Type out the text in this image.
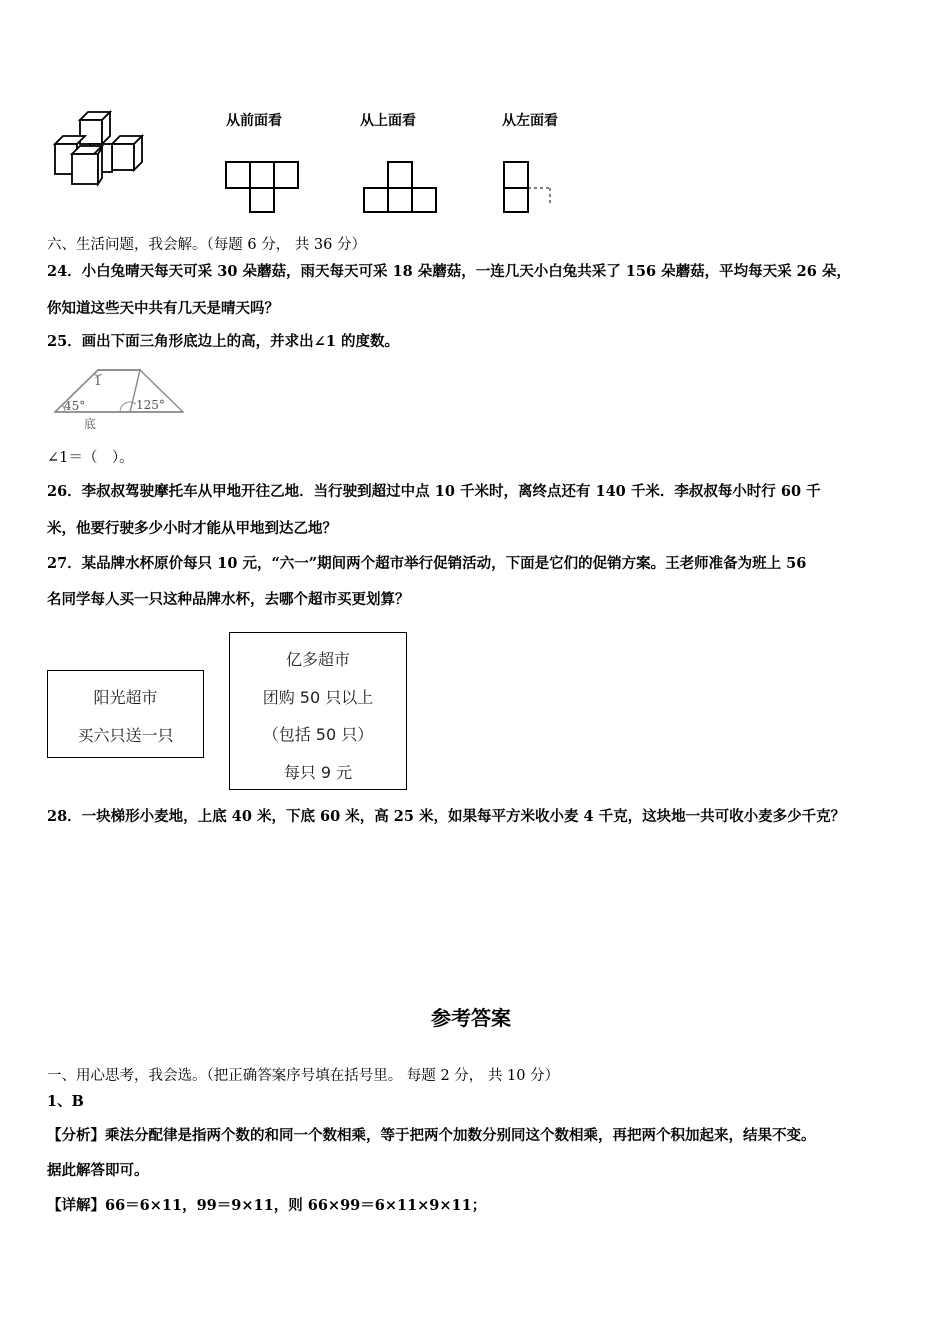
从前面看	从上面看	从左面看
六、生活问题，我会解。（每题 6 分， 共 36 分）
24．小白兔晴天每天可采 30 朵蘑菇，雨天每天可采 18 朵蘑菇，一连几天小白兔共采了 156 朵蘑菇，平均每天采 26 朵，
你知道这些天中共有几天是晴天吗？
25．画出下面三角形底边上的高，并求出∠1 的度数。
1
45°	125°
底
∠1＝（　）。
26．李叔叔驾驶摩托车从甲地开往乙地．当行驶到超过中点 10 千米时，离终点还有 140 千米．李叔叔每小时行 60 千
米，他要行驶多少小时才能从甲地到达乙地？
27．某品牌水杯原价每只 10 元，“六一”期间两个超市举行促销活动，下面是它们的促销方案。王老师准备为班上 56
名同学每人买一只这种品牌水杯，去哪个超市买更划算？
阳光超市
买六只送一只
亿多超市
团购 50 只以上
（包括 50 只）
每只 9 元
28．一块梯形小麦地，上底 40 米，下底 60 米，高 25 米，如果每平方米收小麦 4 千克，这块地一共可收小麦多少千克？
参考答案
一、用心思考，我会选。（把正确答案序号填在括号里。 每题 2 分， 共 10 分）
1、B
【分析】乘法分配律是指两个数的和同一个数相乘，等于把两个加数分别同这个数相乘，再把两个积加起来，结果不变。
据此解答即可。
【详解】66＝6×11，99＝9×11，则 66×99＝6×11×9×11；
